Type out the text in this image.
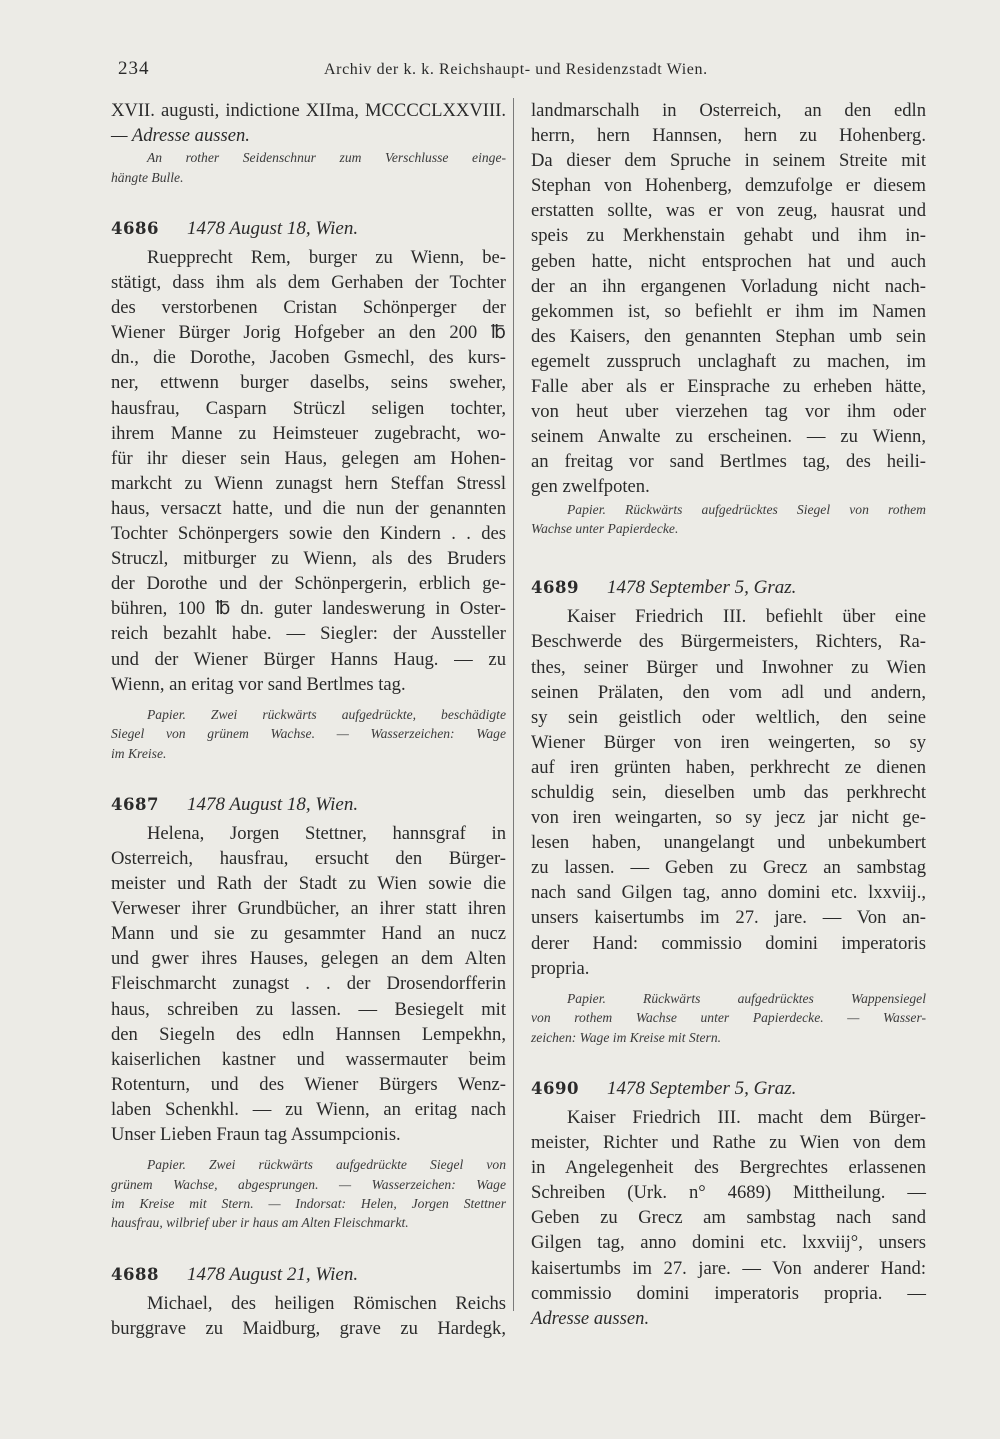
234	Archiv der k. k. Reichshaupt- und Residenzstadt Wien.
XVII. augusti, indictione XIIma, MCCCCLXXVIII.
— Adresse aussen.
An rother Seidenschnur zum Verschlusse einge-
hängte Bulle.
4686 1478 August 18, Wien.
Ruepprecht Rem, burger zu Wienn, be-
stätigt, dass ihm als dem Gerhaben der Tochter
des verstorbenen Cristan Schönperger der
Wiener Bürger Jorig Hofgeber an den 200 ℔
dn., die Dorothe, Jacoben Gsmechl, des kurs-
ner, ettwenn burger daselbs, seins sweher,
hausfrau, Casparn Strüczl seligen tochter,
ihrem Manne zu Heimsteuer zugebracht, wo-
für ihr dieser sein Haus, gelegen am Hohen-
markcht zu Wienn zunagst hern Steffan Stressl
haus, versaczt hatte, und die nun der genannten
Tochter Schönpergers sowie den Kindern . . des
Struczl, mitburger zu Wienn, als des Bruders
der Dorothe und der Schönpergerin, erblich ge-
bühren, 100 ℔ dn. guter landeswerung in Oster-
reich bezahlt habe. — Siegler: der Aussteller
und der Wiener Bürger Hanns Haug. — zu
Wienn, an eritag vor sand Bertlmes tag.
Papier. Zwei rückwärts aufgedrückte, beschädigte
Siegel von grünem Wachse. — Wasserzeichen: Wage
im Kreise.
4687 1478 August 18, Wien.
Helena, Jorgen Stettner, hannsgraf in
Osterreich, hausfrau, ersucht den Bürger-
meister und Rath der Stadt zu Wien sowie die
Verweser ihrer Grundbücher, an ihrer statt ihren
Mann und sie zu gesammter Hand an nucz
und gwer ihres Hauses, gelegen an dem Alten
Fleischmarcht zunagst . . der Drosendorfferin
haus, schreiben zu lassen. — Besiegelt mit
den Siegeln des edln Hannsen Lempekhn,
kaiserlichen kastner und wassermauter beim
Rotenturn, und des Wiener Bürgers Wenz-
laben Schenkhl. — zu Wienn, an eritag nach
Unser Lieben Fraun tag Assumpcionis.
Papier. Zwei rückwärts aufgedrückte Siegel von
grünem Wachse, abgesprungen. — Wasserzeichen: Wage
im Kreise mit Stern. — Indorsat: Helen, Jorgen Stettner
hausfrau, wilbrief uber ir haus am Alten Fleischmarkt.
4688 1478 August 21, Wien.
Michael, des heiligen Römischen Reichs
burggrave zu Maidburg, grave zu Hardegk,
landmarschalh in Osterreich, an den edln
herrn, hern Hannsen, hern zu Hohenberg.
Da dieser dem Spruche in seinem Streite mit
Stephan von Hohenberg, demzufolge er diesem
erstatten sollte, was er von zeug, hausrat und
speis zu Merkhenstain gehabt und ihm in-
geben hatte, nicht entsprochen hat und auch
der an ihn ergangenen Vorladung nicht nach-
gekommen ist, so befiehlt er ihm im Namen
des Kaisers, den genannten Stephan umb sein
egemelt zusspruch unclaghaft zu machen, im
Falle aber als er Einsprache zu erheben hätte,
von heut uber vierzehen tag vor ihm oder
seinem Anwalte zu erscheinen. — zu Wienn,
an freitag vor sand Bertlmes tag, des heili-
gen zwelfpoten.
Papier. Rückwärts aufgedrücktes Siegel von rothem
Wachse unter Papierdecke.
4689 1478 September 5, Graz.
Kaiser Friedrich III. befiehlt über eine
Beschwerde des Bürgermeisters, Richters, Ra-
thes, seiner Bürger und Inwohner zu Wien
seinen Prälaten, den vom adl und andern,
sy sein geistlich oder weltlich, den seine
Wiener Bürger von iren weingerten, so sy
auf iren grünten haben, perkhrecht ze dienen
schuldig sein, dieselben umb das perkhrecht
von iren weingarten, so sy jecz jar nicht ge-
lesen haben, unangelangt und unbekumbert
zu lassen. — Geben zu Grecz an sambstag
nach sand Gilgen tag, anno domini etc. lxxviij.,
unsers kaisertumbs im 27. jare. — Von an-
derer Hand: commissio domini imperatoris
propria.
Papier. Rückwärts aufgedrücktes Wappensiegel
von rothem Wachse unter Papierdecke. — Wasser-
zeichen: Wage im Kreise mit Stern.
4690 1478 September 5, Graz.
Kaiser Friedrich III. macht dem Bürger-
meister, Richter und Rathe zu Wien von dem
in Angelegenheit des Bergrechtes erlassenen
Schreiben (Urk. n° 4689) Mittheilung. —
Geben zu Grecz am sambstag nach sand
Gilgen tag, anno domini etc. lxxviij°, unsers
kaisertumbs im 27. jare. — Von anderer Hand:
commissio domini imperatoris propria. —
Adresse aussen.
